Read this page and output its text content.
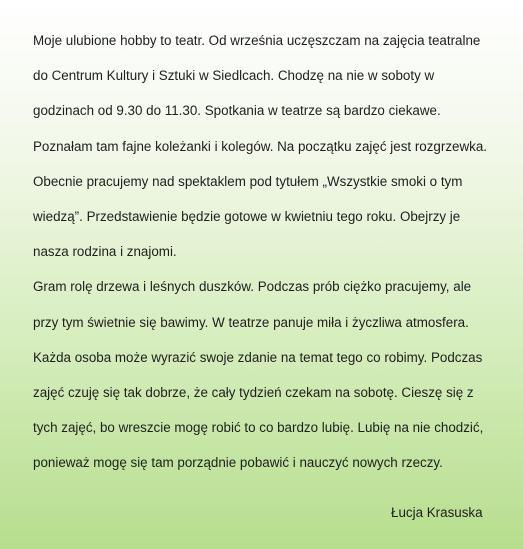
Moje ulubione hobby to teatr. Od września uczęszczam na zajęcia teatralne
do Centrum Kultury i Sztuki w Siedlcach. Chodzę na nie w soboty w
godzinach od 9.30 do 11.30. Spotkania w teatrze są bardzo ciekawe.
Poznałam tam fajne koleżanki i kolegów. Na początku zajęć jest rozgrzewka.
Obecnie pracujemy nad spektaklem pod tytułem „Wszystkie smoki o tym
wiedzą”. Przedstawienie będzie gotowe w kwietniu tego roku. Obejrzy je
nasza rodzina i znajomi.
Gram rolę drzewa i leśnych duszków. Podczas prób ciężko pracujemy, ale
przy tym świetnie się bawimy. W teatrze panuje miła i życzliwa atmosfera.
Każda osoba może wyrazić swoje zdanie na temat tego co robimy. Podczas
zajęć czuję się tak dobrze, że cały tydzień czekam na sobotę. Cieszę się z
tych zajęć, bo wreszcie mogę robić to co bardzo lubię. Lubię na nie chodzić,
ponieważ mogę się tam porządnie pobawić i nauczyć nowych rzeczy.
Łucja Krasuska
